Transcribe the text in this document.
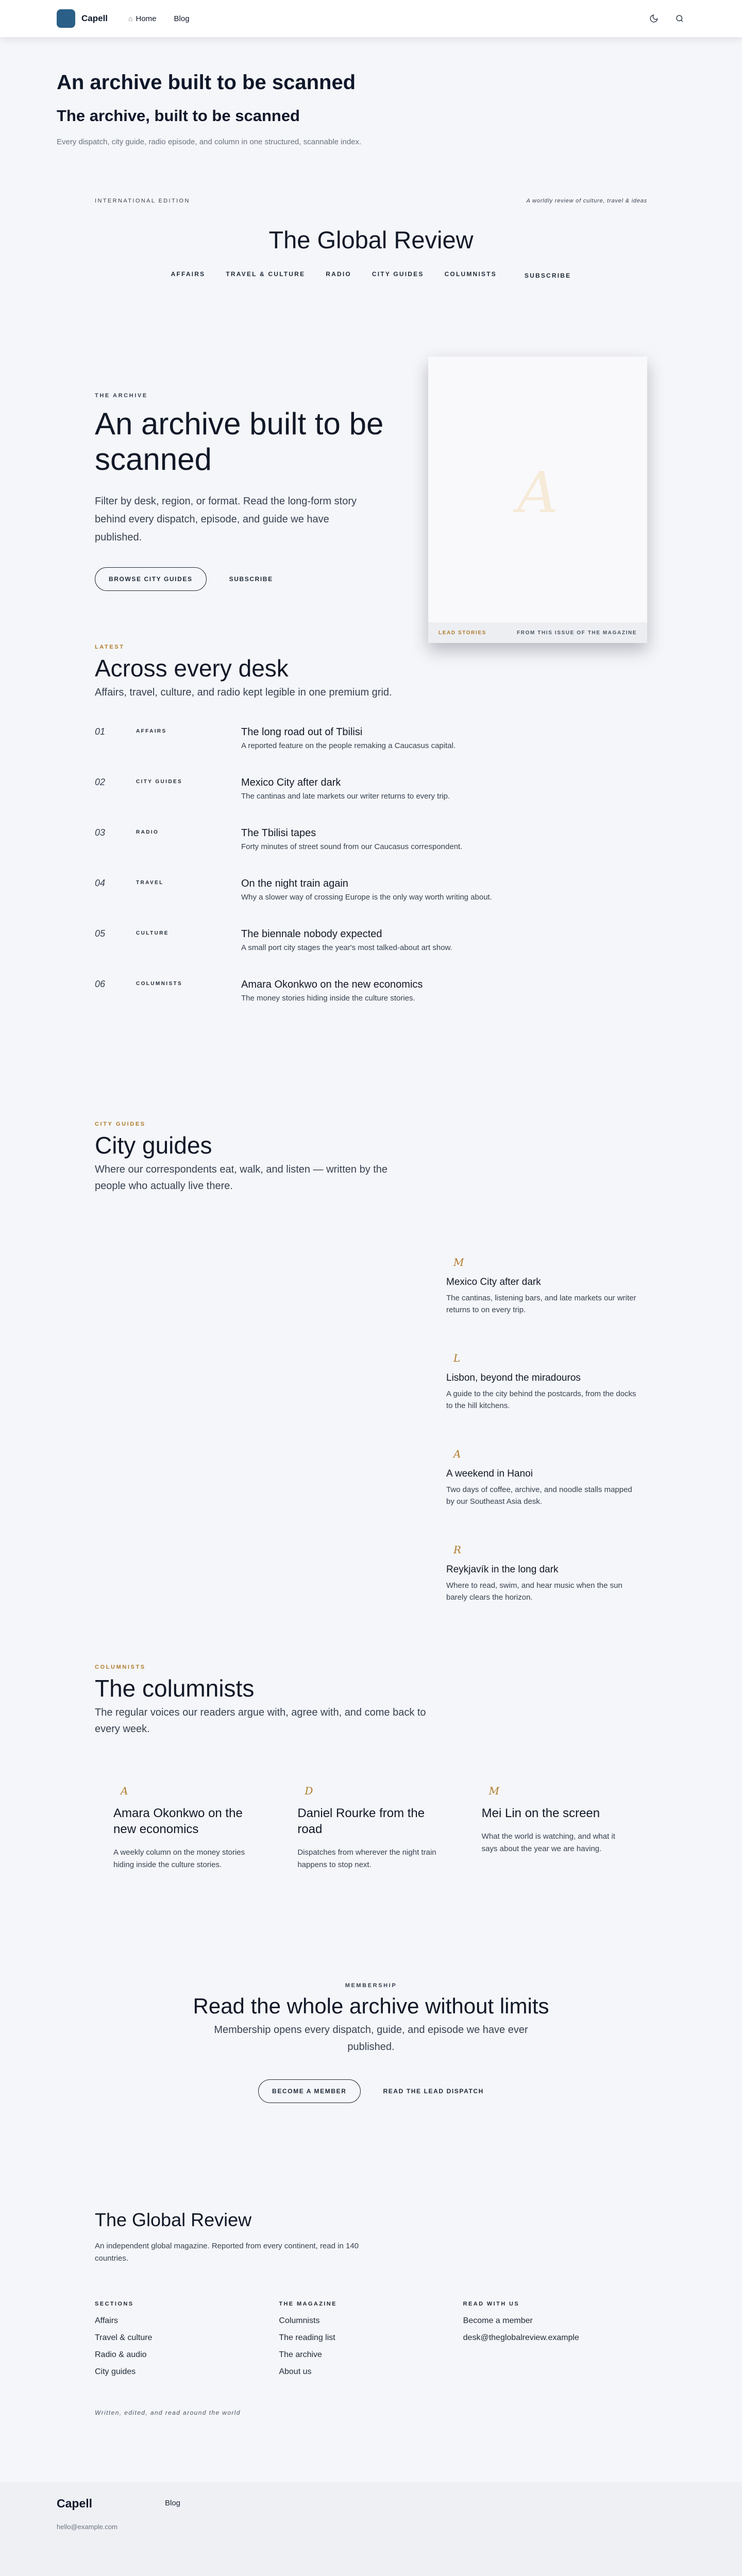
Capell	⌂ Home Blog
An archive built to be scanned
The archive, built to be scanned

Every dispatch, city guide, radio episode, and column in one structured, scannable index.

INTERNATIONAL EDITION	A worldly review of culture, travel & ideas
The Global Review
AFFAIRS	TRAVEL & CULTURE	RADIO	CITY GUIDES	COLUMNISTS	SUBSCRIBE
THE ARCHIVE
An archive built to be scanned

Filter by desk, region, or format. Read the long-form story behind every dispatch, episode, and guide we have published.

BROWSE CITY GUIDES	SUBSCRIBE
A
LEAD STORIES	FROM THIS ISSUE OF THE MAGAZINE
LATEST
Across every desk

Affairs, travel, culture, and radio kept legible in one premium grid.

01	AFFAIRS	The long road out of Tbilisi
A reported feature on the people remaking a Caucasus capital.
02	CITY GUIDES	Mexico City after dark
The cantinas and late markets our writer returns to every trip.
03	RADIO	The Tbilisi tapes
Forty minutes of street sound from our Caucasus correspondent.
04	TRAVEL	On the night train again
Why a slower way of crossing Europe is the only way worth writing about.
05	CULTURE	The biennale nobody expected
A small port city stages the year's most talked-about art show.
06	COLUMNISTS	Amara Okonkwo on the new economics
The money stories hiding inside the culture stories.
CITY GUIDES
City guides

Where our correspondents eat, walk, and listen — written by the people who actually live there.

M
Mexico City after dark
The cantinas, listening bars, and late markets our writer returns to on every trip.
L
Lisbon, beyond the miradouros
A guide to the city behind the postcards, from the docks to the hill kitchens.
A
A weekend in Hanoi
Two days of coffee, archive, and noodle stalls mapped by our Southeast Asia desk.
R
Reykjavík in the long dark
Where to read, swim, and hear music when the sun barely clears the horizon.
COLUMNISTS
The columnists

The regular voices our readers argue with, agree with, and come back to every week.

A
Amara Okonkwo on the new economics
A weekly column on the money stories hiding inside the culture stories.
D
Daniel Rourke from the road
Dispatches from wherever the night train happens to stop next.
M
Mei Lin on the screen
What the world is watching, and what it says about the year we are having.
MEMBERSHIP
Read the whole archive without limits

Membership opens every dispatch, guide, and episode we have ever published.

BECOME A MEMBER	READ THE LEAD DISPATCH
The Global Review

An independent global magazine. Reported from every continent, read in 140 countries.

SECTIONS
Affairs
Travel & culture
Radio & audio
City guides
THE MAGAZINE
Columnists
The reading list
The archive
About us
READ WITH US
Become a member
desk@theglobalreview.example

Written, edited, and read around the world

Capell
hello@example.com
Blog
